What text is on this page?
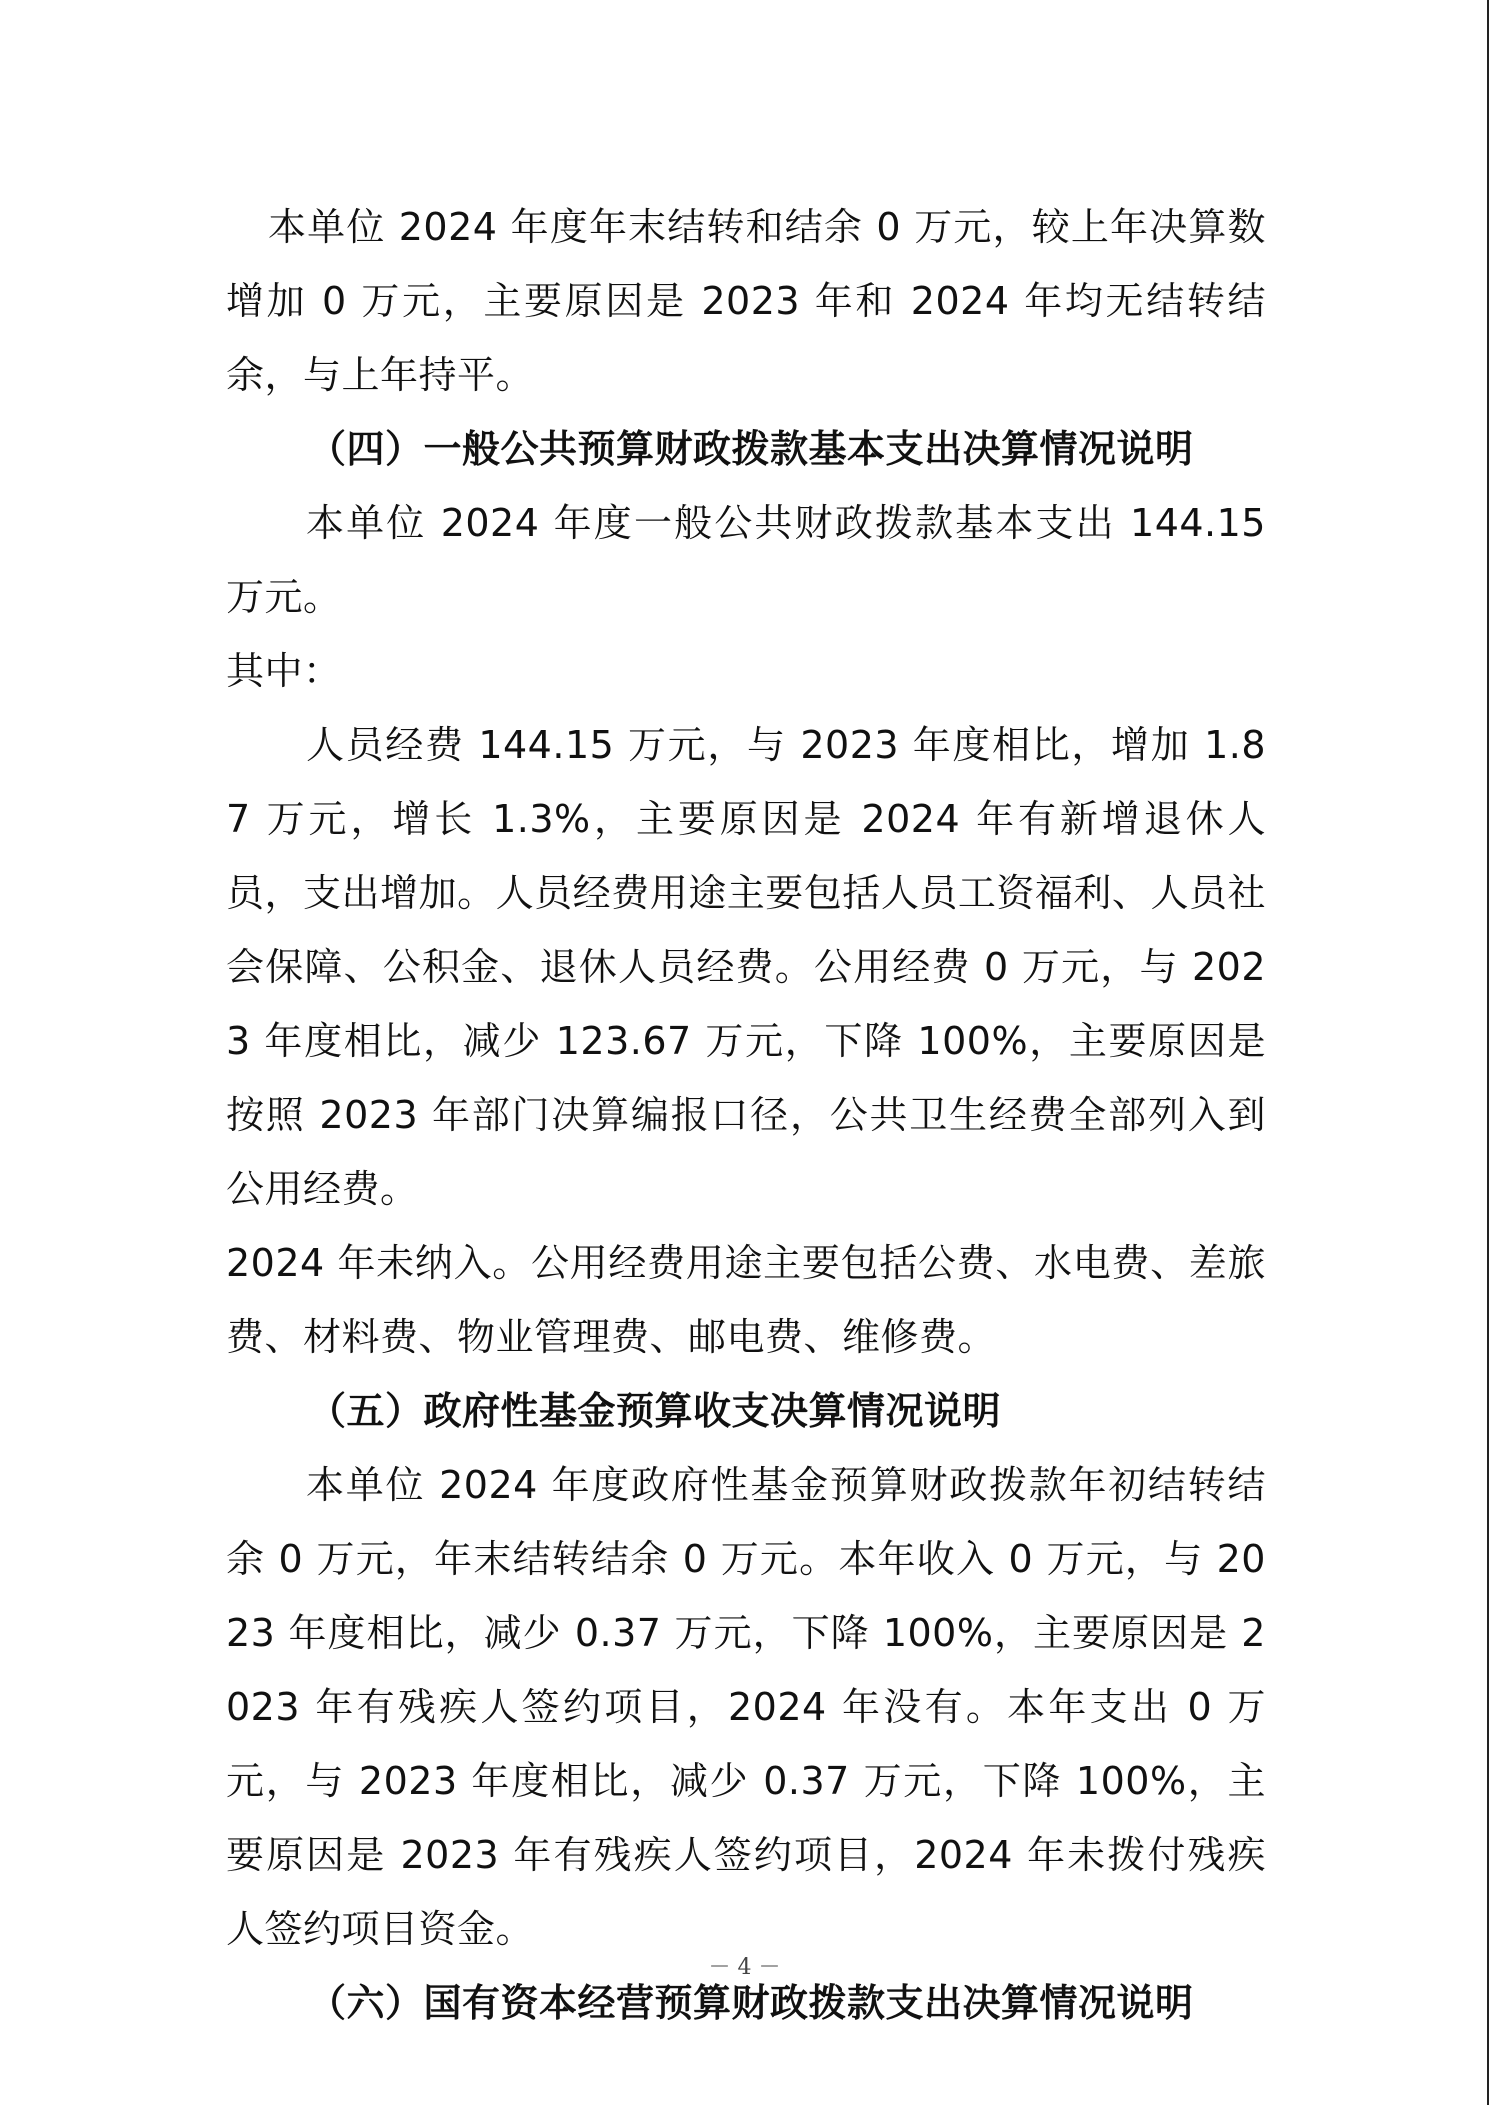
本单位 2024 年度年末结转和结余 0 万元，较上年决算数增加 0 万元，主要原因是 2023 年和 2024 年均无结转结余，与上年持平。

（四）一般公共预算财政拨款基本支出决算情况说明

本单位 2024 年度一般公共财政拨款基本支出 144.15 万元。

其中：

人员经费 144.15 万元，与 2023 年度相比，增加 1.87 万元，增长 1.3%，主要原因是 2024 年有新增退休人员，支出增加。人员经费用途主要包括人员工资福利、人员社会保障、公积金、退休人员经费。公用经费 0 万元，与 2023 年度相比，减少 123.67 万元，下降 100%，主要原因是按照 2023 年部门决算编报口径，公共卫生经费全部列入到公用经费。

2024 年未纳入。公用经费用途主要包括公费、水电费、差旅费、材料费、物业管理费、邮电费、维修费。

（五）政府性基金预算收支决算情况说明

本单位 2024 年度政府性基金预算财政拨款年初结转结余 0 万元，年末结转结余 0 万元。本年收入 0 万元，与 2023 年度相比，减少 0.37 万元，下降 100%，主要原因是 2023 年有残疾人签约项目，2024 年没有。本年支出 0 万元，与 2023 年度相比，减少 0.37 万元，下降 100%，主要原因是 2023 年有残疾人签约项目，2024 年未拨付残疾人签约项目资金。

（六）国有资本经营预算财政拨款支出决算情况说明

－ 4 －
